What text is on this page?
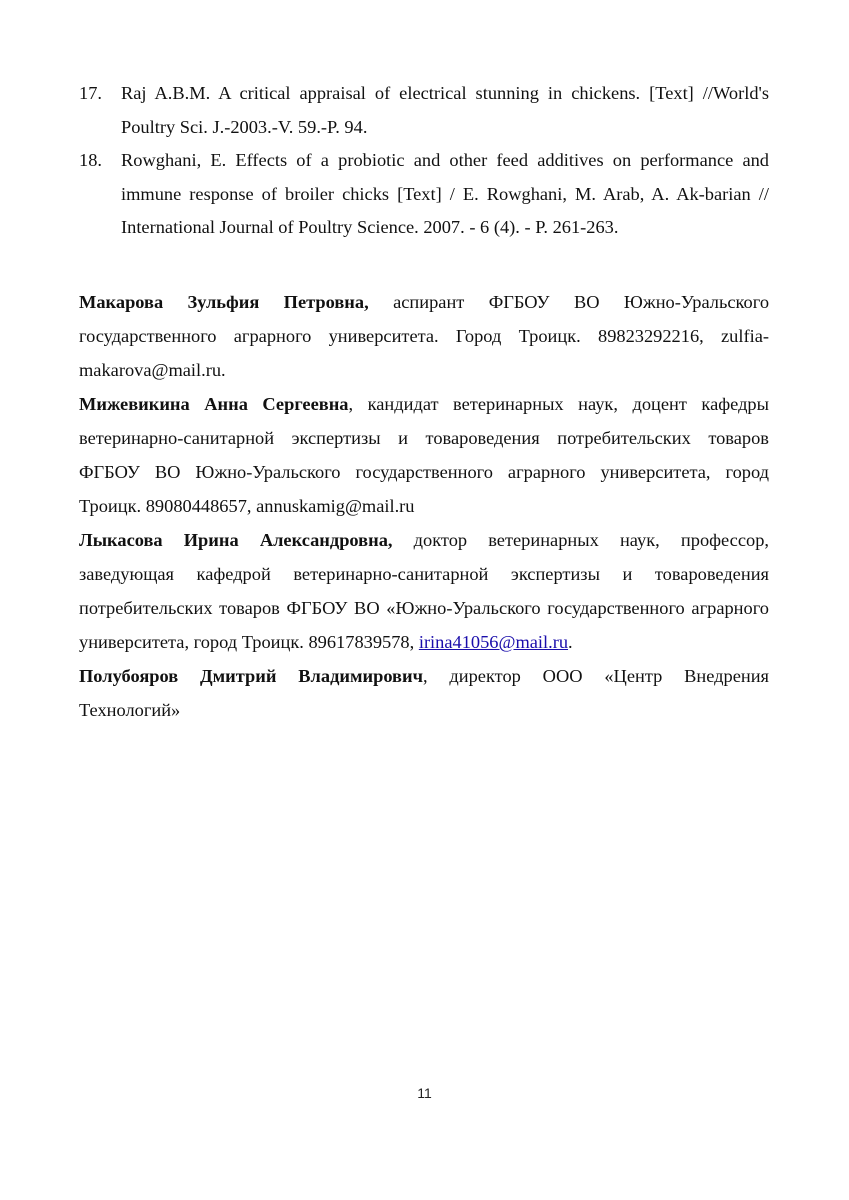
17.	Raj A.B.M. A critical appraisal of electrical stunning in chickens. [Text] //World's Poultry Sci. J.-2003.-V. 59.-P. 94.
18.	Rowghani, E. Effects of a probiotic and other feed additives on performance and immune response of broiler chicks [Text] / E. Rowghani, M. Arab, A. Ak-barian // International Journal of Poultry Science. 2007. - 6 (4). - P. 261-263.

Макарова Зульфия Петровна, аспирант ФГБОУ ВО Южно-Уральского государственного аграрного университета. Город Троицк. 89823292216, zulfia-makarova@mail.ru.

Мижевикина Анна Сергеевна, кандидат ветеринарных наук, доцент кафедры ветеринарно-санитарной экспертизы и товароведения потребительских товаров ФГБОУ ВО Южно-Уральского государственного аграрного университета, город Троицк. 89080448657, annuskamig@mail.ru

Лыкасова Ирина Александровна, доктор ветеринарных наук, профессор, заведующая кафедрой ветеринарно-санитарной экспертизы и товароведения потребительских товаров ФГБОУ ВО «Южно-Уральского государственного аграрного университета, город Троицк. 89617839578, irina41056@mail.ru.

Полубояров Дмитрий Владимирович, директор ООО «Центр Внедрения Технологий»

11
